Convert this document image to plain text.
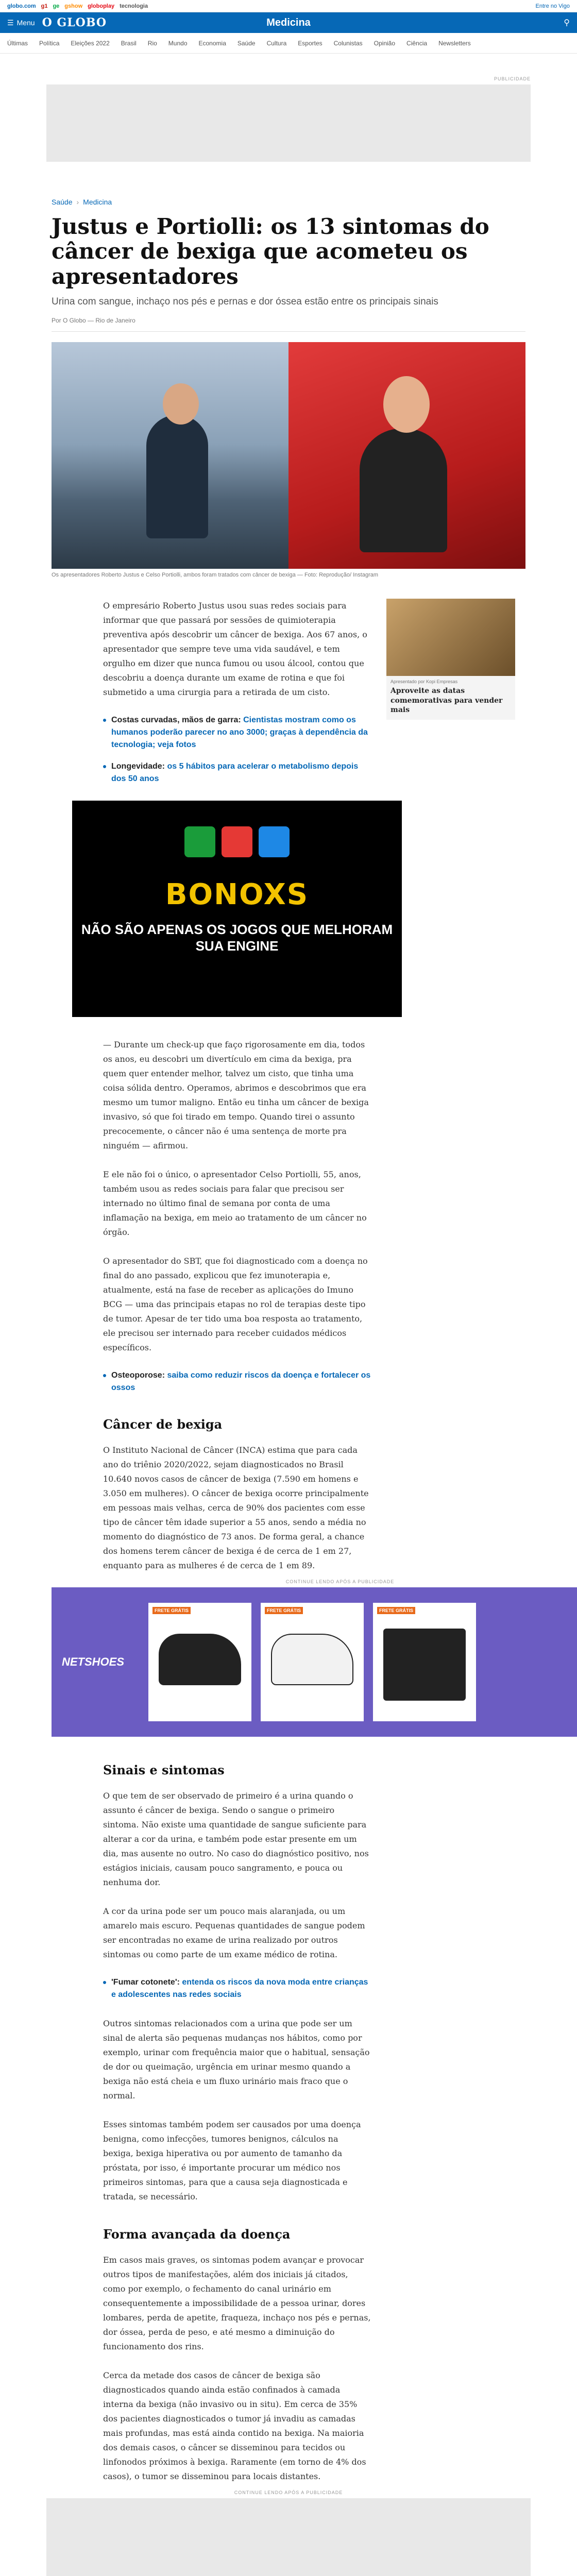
globo.com g1 ge gshow globoplay tecnologia	Entre no Vigo
☰ Menu O GLOBO	Medicina	⚲
Últimas Política Eleições 2022 Brasil Rio Mundo Economia Saúde Cultura Esportes Colunistas Opinião Ciência Newsletters
PUBLICIDADE
Saúde › Medicina
Justus e Portiolli: os 13 sintomas do câncer de bexiga que acometeu os apresentadores
Urina com sangue, inchaço nos pés e pernas e dor óssea estão entre os principais sinais
Por O Globo — Rio de Janeiro
Os apresentadores Roberto Justus e Celso Portiolli, ambos foram tratados com câncer de bexiga — Foto: Reprodução/ Instagram

O empresário Roberto Justus usou suas redes sociais para informar que que passará por sessões de quimioterapia preventiva após descobrir um câncer de bexiga. Aos 67 anos, o apresentador que sempre teve uma vida saudável, e tem orgulho em dizer que nunca fumou ou usou álcool, contou que descobriu a doença durante um exame de rotina e que foi submetido a uma cirurgia para a retirada de um cisto.

Costas curvadas, mãos de garra: Cientistas mostram como os humanos poderão parecer no ano 3000; graças à dependência da tecnologia; veja fotos
Longevidade: os 5 hábitos para acelerar o metabolismo depois dos 50 anos
BONOXS
NÃO SÃO APENAS OS JOGOS QUE MELHORAM SUA ENGINE

— Durante um check-up que faço rigorosamente em dia, todos os anos, eu descobri um divertículo em cima da bexiga, pra quem quer entender melhor, talvez um cisto, que tinha uma coisa sólida dentro. Operamos, abrimos e descobrimos que era mesmo um tumor maligno. Então eu tinha um câncer de bexiga invasivo, só que foi tirado em tempo. Quando tirei o assunto precocemente, o câncer não é uma sentença de morte pra ninguém — afirmou.

E ele não foi o único, o apresentador Celso Portiolli, 55, anos, também usou as redes sociais para falar que precisou ser internado no último final de semana por conta de uma inflamação na bexiga, em meio ao tratamento de um câncer no órgão.

O apresentador do SBT, que foi diagnosticado com a doença no final do ano passado, explicou que fez imunoterapia e, atualmente, está na fase de receber as aplicações do Imuno BCG — uma das principais etapas no rol de terapias deste tipo de tumor. Apesar de ter tido uma boa resposta ao tratamento, ele precisou ser internado para receber cuidados médicos específicos.

Osteoporose: saiba como reduzir riscos da doença e fortalecer os ossos
Câncer de bexiga

O Instituto Nacional de Câncer (INCA) estima que para cada ano do triênio 2020/2022, sejam diagnosticados no Brasil 10.640 novos casos de câncer de bexiga (7.590 em homens e 3.050 em mulheres). O câncer de bexiga ocorre principalmente em pessoas mais velhas, cerca de 90% dos pacientes com esse tipo de câncer têm idade superior a 55 anos, sendo a média no momento do diagnóstico de 73 anos. De forma geral, a chance dos homens terem câncer de bexiga é de cerca de 1 em 27, enquanto para as mulheres é de cerca de 1 em 89.

CONTINUE LENDO APÓS A PUBLICIDADE
NETSHOES
FRETE GRÁTIS	FRETE GRÁTIS	FRETE GRÁTIS
Sinais e sintomas

O que tem de ser observado de primeiro é a urina quando o assunto é câncer de bexiga. Sendo o sangue o primeiro sintoma. Não existe uma quantidade de sangue suficiente para alterar a cor da urina, e também pode estar presente em um dia, mas ausente no outro. No caso do diagnóstico positivo, nos estágios iniciais, causam pouco sangramento, e pouca ou nenhuma dor.

A cor da urina pode ser um pouco mais alaranjada, ou um amarelo mais escuro. Pequenas quantidades de sangue podem ser encontradas no exame de urina realizado por outros sintomas ou como parte de um exame médico de rotina.

'Fumar cotonete': entenda os riscos da nova moda entre crianças e adolescentes nas redes sociais

Outros sintomas relacionados com a urina que pode ser um sinal de alerta são pequenas mudanças nos hábitos, como por exemplo, urinar com frequência maior que o habitual, sensação de dor ou queimação, urgência em urinar mesmo quando a bexiga não está cheia e um fluxo urinário mais fraco que o normal.

Esses sintomas também podem ser causados por uma doença benigna, como infecções, tumores benignos, cálculos na bexiga, bexiga hiperativa ou por aumento de tamanho da próstata, por isso, é importante procurar um médico nos primeiros sintomas, para que a causa seja diagnosticada e tratada, se necessário.

Forma avançada da doença

Em casos mais graves, os sintomas podem avançar e provocar outros tipos de manifestações, além dos iniciais já citados, como por exemplo, o fechamento do canal urinário em consequentemente a impossibilidade de a pessoa urinar, dores lombares, perda de apetite, fraqueza, inchaço nos pés e pernas, dor óssea, perda de peso, e até mesmo a diminuição do funcionamento dos rins.

Cerca da metade dos casos de câncer de bexiga são diagnosticados quando ainda estão confinados à camada interna da bexiga (não invasivo ou in situ). Em cerca de 35% dos pacientes diagnosticados o tumor já invadiu as camadas mais profundas, mas está ainda contido na bexiga. Na maioria dos demais casos, o câncer se disseminou para tecidos ou linfonodos próximos à bexiga. Raramente (em torno de 4% dos casos), o tumor se disseminou para locais distantes.

CONTINUE LENDO APÓS A PUBLICIDADE

Apresentado por Kopi Empresas
Aproveite as datas comemorativas para vender mais
